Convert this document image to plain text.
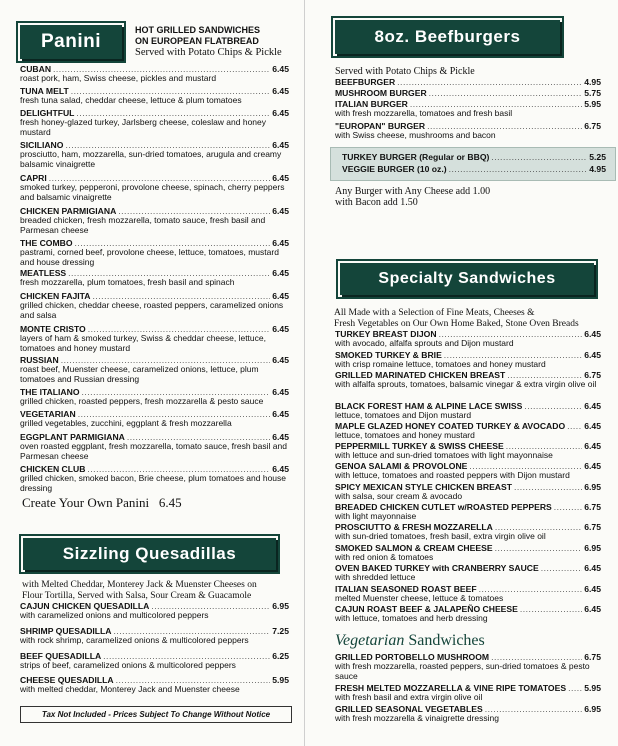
Panini
HOT GRILLED SANDWICHES
ON EUROPEAN FLATBREAD
Served with Potato Chips & Pickle
CUBAN .....	6.45
roast pork, ham, Swiss cheese, pickles and mustard
TUNA MELT .....	6.45
fresh tuna salad, cheddar cheese, lettuce & plum tomatoes
DELIGHTFUL .....	6.45
fresh honey-glazed turkey, Jarlsberg cheese, coleslaw and honey mustard
SICILIANO .....	6.45
prosciutto, ham, mozzarella, sun-dried tomatoes, arugula and creamy balsamic vinaigrette
CAPRI .....	6.45
smoked turkey, pepperoni, provolone cheese, spinach, cherry peppers and balsamic vinaigrette
CHICKEN PARMIGIANA .....	6.45
breaded chicken, fresh mozzarella, tomato sauce, fresh basil and Parmesan cheese
THE COMBO .....	6.45
pastrami, corned beef, provolone cheese, lettuce, tomatoes, mustard and house dressing
MEATLESS .....	6.45
fresh mozzarella, plum tomatoes, fresh basil and spinach
CHICKEN FAJITA .....	6.45
grilled chicken, cheddar cheese, roasted peppers, caramelized onions and salsa
MONTE CRISTO .....	6.45
layers of ham & smoked turkey, Swiss & cheddar cheese, lettuce, tomatoes and honey mustard
RUSSIAN .....	6.45
roast beef, Muenster cheese, caramelized onions, lettuce, plum tomatoes and Russian dressing
THE ITALIANO .....	6.45
grilled chicken, roasted peppers, fresh mozzarella & pesto sauce
VEGETARIAN .....	6.45
grilled vegetables, zucchini, eggplant & fresh mozzarella
EGGPLANT PARMIGIANA .....	6.45
oven roasted eggplant, fresh mozzarella, tomato sauce, fresh basil and Parmesan cheese
CHICKEN CLUB .....	6.45
grilled chicken, smoked bacon, Brie cheese, plum tomatoes and house dressing
Create Your Own Panini 6.45
Sizzling Quesadillas
with Melted Cheddar, Monterey Jack & Muenster Cheeses on
Flour Tortilla, Served with Salsa, Sour Cream & Guacamole
CAJUN CHICKEN QUESADILLA .....	6.95
with caramelized onions and multicolored peppers
SHRIMP QUESADILLA .....	7.25
with rock shrimp, caramelized onions & multicolored peppers
BEEF QUESADILLA .....	6.25
strips of beef, caramelized onions & multicolored peppers
CHEESE QUESADILLA .....	5.95
with melted cheddar, Monterey Jack and Muenster cheese
Tax Not Included - Prices Subject To Change Without Notice
8oz. Beefburgers
Served with Potato Chips & Pickle
BEEFBURGER .....	4.95
MUSHROOM BURGER .....	5.75
ITALIAN BURGER .....	5.95
with fresh mozzarella, tomatoes and fresh basil
"EUROPAN" BURGER .....	6.75
with Swiss cheese, mushrooms and bacon
TURKEY BURGER (Regular or BBQ) .....	5.25
VEGGIE BURGER (10 oz.) .....	4.95
Any Burger with Any Cheese add 1.00
with Bacon add 1.50
Specialty Sandwiches
All Made with a Selection of Fine Meats, Cheeses &
Fresh Vegetables on Our Own Home Baked, Stone Oven Breads
TURKEY BREAST DIJON .....	6.45
with avocado, alfalfa sprouts and Dijon mustard
SMOKED TURKEY & BRIE .....	6.45
with crisp romaine lettuce, tomatoes and honey mustard
GRILLED MARINATED CHICKEN BREAST .....	6.75
with alfalfa sprouts, tomatoes, balsamic vinegar & extra virgin olive oil
BLACK FOREST HAM & ALPINE LACE SWISS .....	6.45
lettuce, tomatoes and Dijon mustard
MAPLE GLAZED HONEY COATED TURKEY & AVOCADO ..... 6.45
lettuce, tomatoes and honey mustard
PEPPERMILL TURKEY & SWISS CHEESE .....	6.45
with lettuce and sun-dried tomatoes with light mayonnaise
GENOA SALAMI & PROVOLONE .....	6.45
with lettuce, tomatoes and roasted peppers with Dijon mustard
SPICY MEXICAN STYLE CHICKEN BREAST .....	6.95
with salsa, sour cream & avocado
BREADED CHICKEN CUTLET w/ROASTED PEPPERS .....	6.75
with light mayonnaise
PROSCIUTTO & FRESH MOZZARELLA .....	6.75
with sun-dried tomatoes, fresh basil, extra virgin olive oil
SMOKED SALMON & CREAM CHEESE .....	6.95
with red onion & tomatoes
OVEN BAKED TURKEY with CRANBERRY SAUCE .....	6.45
with shredded lettuce
ITALIAN SEASONED ROAST BEEF .....	6.45
melted Muenster cheese, lettuce & tomatoes
CAJUN ROAST BEEF & JALAPEÑO CHEESE .....	6.45
with lettuce, tomatoes and herb dressing
Vegetarian Sandwiches
GRILLED PORTOBELLO MUSHROOM .....	6.75
with fresh mozzarella, roasted peppers, sun-dried tomatoes & pesto sauce
FRESH MELTED MOZZARELLA & VINE RIPE TOMATOES ..... 5.95
with fresh basil and extra virgin olive oil
GRILLED SEASONAL VEGETABLES .....	6.95
with fresh mozzarella & vinaigrette dressing
